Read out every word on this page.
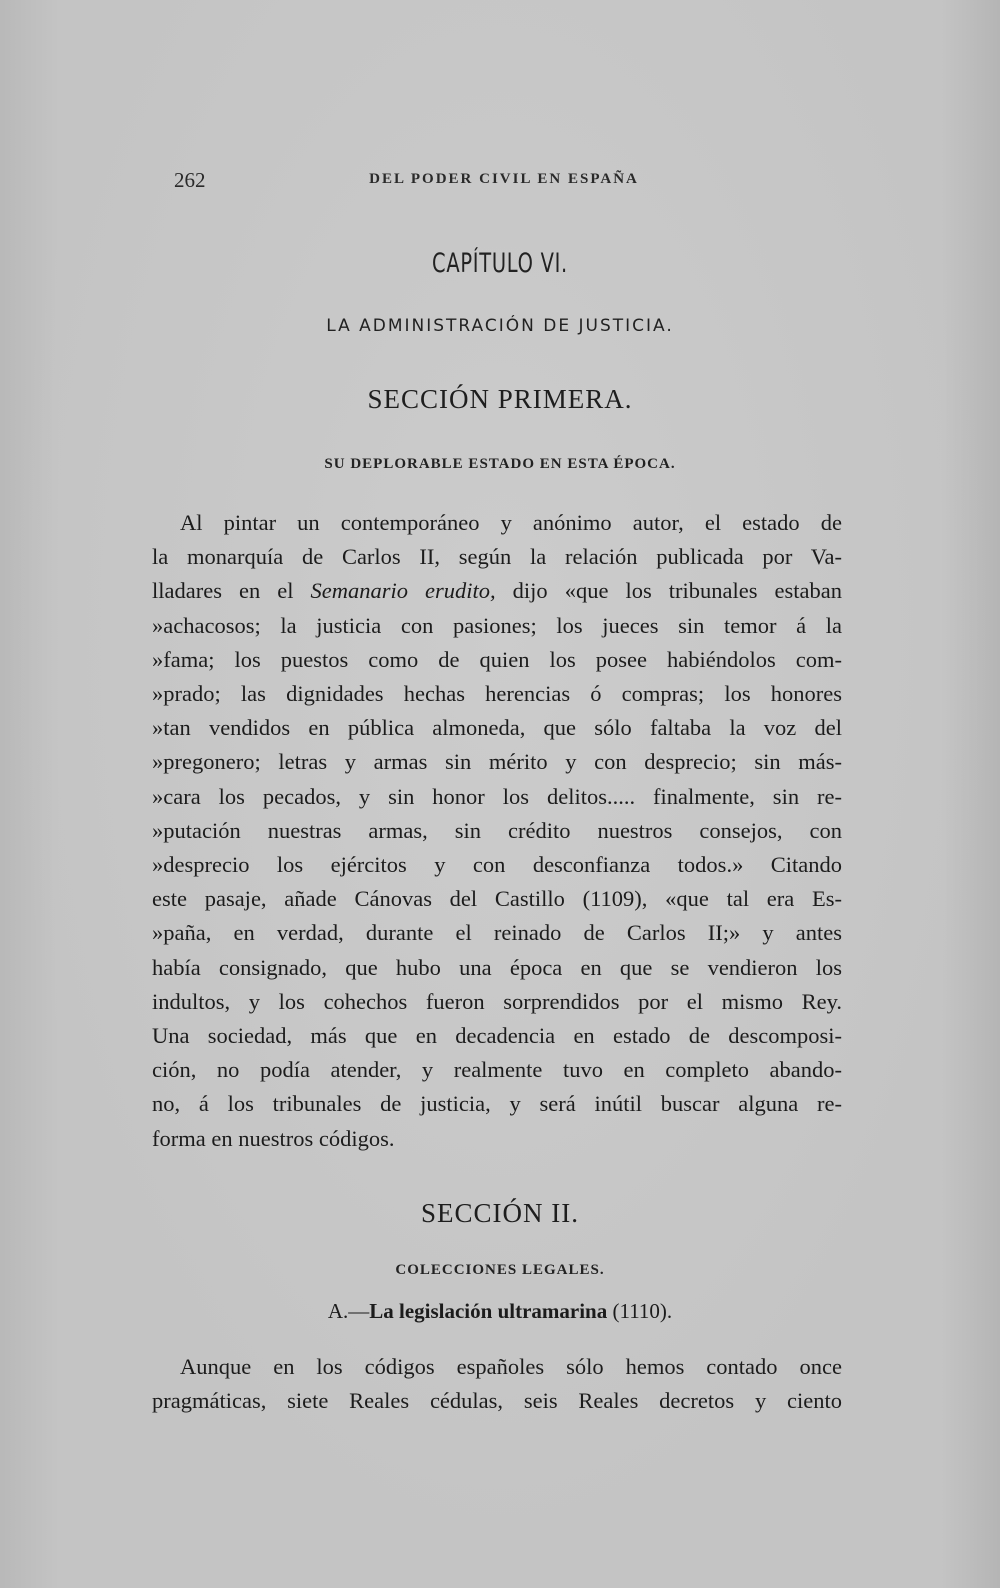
262	DEL PODER CIVIL EN ESPAÑA
CAPÍTULO VI.
LA ADMINISTRACIÓN DE JUSTICIA.
SECCIÓN PRIMERA.
SU DEPLORABLE ESTADO EN ESTA ÉPOCA.
Al pintar un contemporáneo y anónimo autor, el estado de
la monarquía de Carlos II, según la relación publicada por Va-
lladares en el Semanario erudito, dijo «que los tribunales estaban
»achacosos; la justicia con pasiones; los jueces sin temor á la
»fama; los puestos como de quien los posee habiéndolos com-
»prado; las dignidades hechas herencias ó compras; los honores
»tan vendidos en pública almoneda, que sólo faltaba la voz del
»pregonero; letras y armas sin mérito y con desprecio; sin más-
»cara los pecados, y sin honor los delitos..... finalmente, sin re-
»putación nuestras armas, sin crédito nuestros consejos, con
»desprecio los ejércitos y con desconfianza todos.» Citando
este pasaje, añade Cánovas del Castillo (1109), «que tal era Es-
»paña, en verdad, durante el reinado de Carlos II;» y antes
había consignado, que hubo una época en que se vendieron los
indultos, y los cohechos fueron sorprendidos por el mismo Rey.
Una sociedad, más que en decadencia en estado de descomposi-
ción, no podía atender, y realmente tuvo en completo abando-
no, á los tribunales de justicia, y será inútil buscar alguna re-
forma en nuestros códigos.
SECCIÓN II.
COLECCIONES LEGALES.
A.—La legislación ultramarina (1110).
Aunque en los códigos españoles sólo hemos contado once
pragmáticas, siete Reales cédulas, seis Reales decretos y ciento
